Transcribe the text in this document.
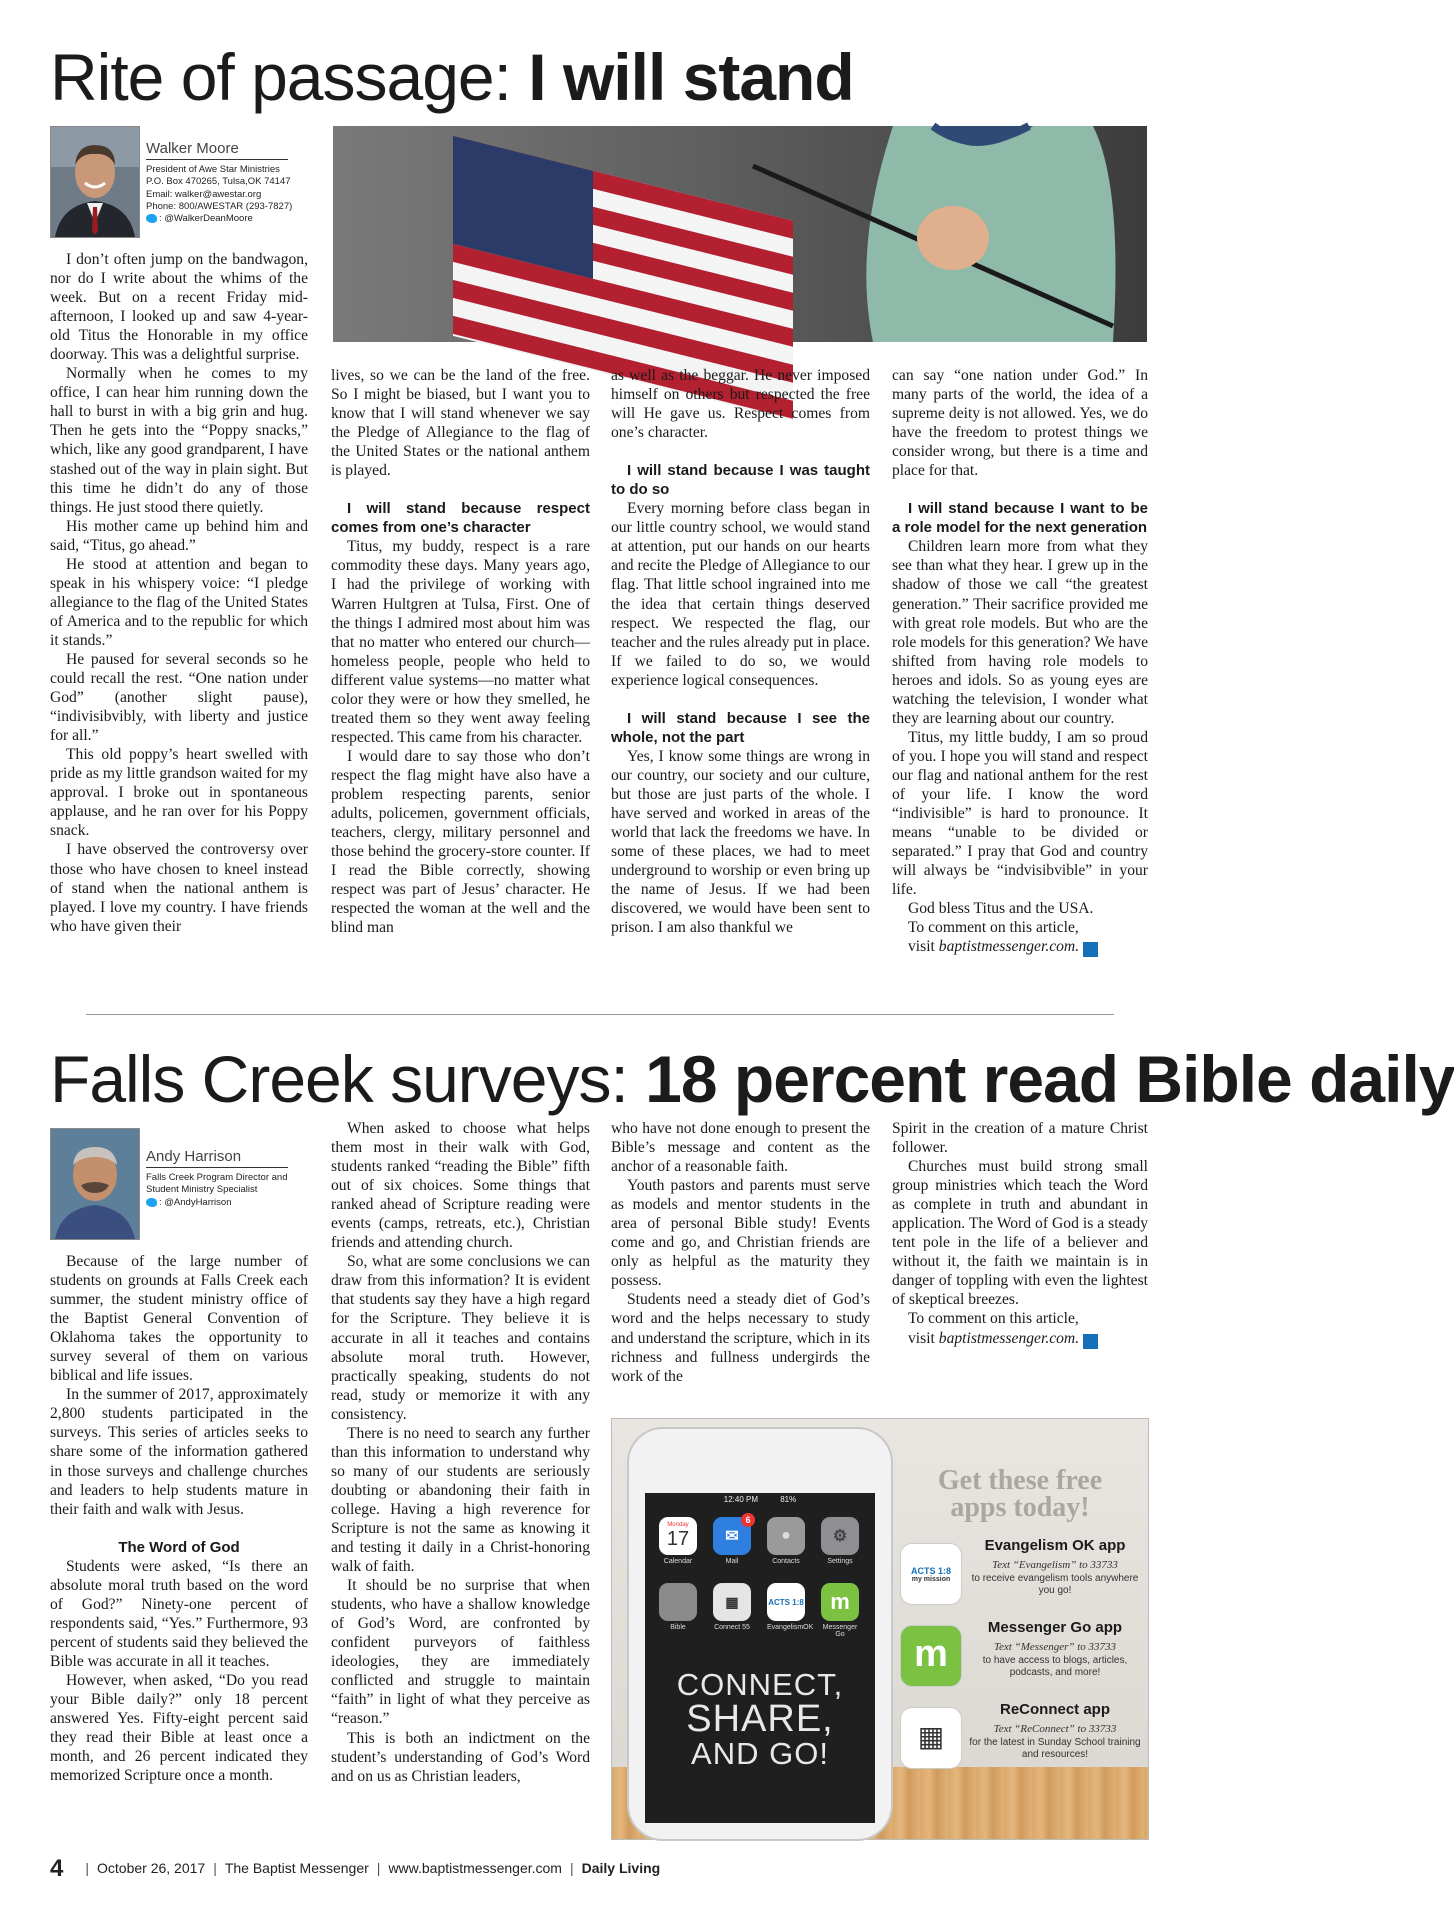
Rite of passage: I will stand
Walker Moore
President of Awe Star Ministries
P.O. Box 470265, Tulsa,OK 74147
Email: walker@awestar.org
Phone: 800/AWESTAR (293-7827)
: @WalkerDeanMoore

I don’t often jump on the bandwagon, nor do I write about the whims of the week. But on a recent Friday mid-afternoon, I looked up and saw 4-year-old Titus the Honorable in my office doorway. This was a delightful surprise.

Normally when he comes to my office, I can hear him running down the hall to burst in with a big grin and hug. Then he gets into the “Poppy snacks,” which, like any good grandparent, I have stashed out of the way in plain sight. But this time he didn’t do any of those things. He just stood there quietly.

His mother came up behind him and said, “Titus, go ahead.”

He stood at attention and began to speak in his whispery voice: “I pledge allegiance to the flag of the United States of America and to the republic for which it stands.”

He paused for several seconds so he could recall the rest. “One nation under God” (another slight pause), “indivisibvibly, with liberty and justice for all.”

This old poppy’s heart swelled with pride as my little grandson waited for my approval. I broke out in spontaneous applause, and he ran over for his Poppy snack.

I have observed the controversy over those who have chosen to kneel instead of stand when the national anthem is played. I love my country. I have friends who have given their

lives, so we can be the land of the free. So I might be biased, but I want you to know that I will stand whenever we say the Pledge of Allegiance to the flag of the United States or the national anthem is played.

I will stand because respect comes from one’s character

Titus, my buddy, respect is a rare commodity these days. Many years ago, I had the privilege of working with Warren Hultgren at Tulsa, First. One of the things I admired most about him was that no matter who entered our church—homeless people, people who held to different value systems—no matter what color they were or how they smelled, he treated them so they went away feeling respected. This came from his character.

I would dare to say those who don’t respect the flag might have also have a problem respecting parents, senior adults, policemen, government officials, teachers, clergy, military personnel and those behind the grocery-store counter. If I read the Bible correctly, showing respect was part of Jesus’ character. He respected the woman at the well and the blind man

as well as the beggar. He never imposed himself on others but respected the free will He gave us. Respect comes from one’s character.

I will stand because I was taught to do so

Every morning before class began in our little country school, we would stand at attention, put our hands on our hearts and recite the Pledge of Allegiance to our flag. That little school ingrained into me the idea that certain things deserved respect. We respected the flag, our teacher and the rules already put in place. If we failed to do so, we would experience logical consequences.

I will stand because I see the whole, not the part

Yes, I know some things are wrong in our country, our society and our culture, but those are just parts of the whole. I have served and worked in areas of the world that lack the freedoms we have. In some of these places, we had to meet underground to worship or even bring up the name of Jesus. If we had been discovered, we would have been sent to prison. I am also thankful we

can say “one nation under God.” In many parts of the world, the idea of a supreme deity is not allowed. Yes, we do have the freedom to protest things we consider wrong, but there is a time and place for that.

I will stand because I want to be a role model for the next generation

Children learn more from what they see than what they hear. I grew up in the shadow of those we call “the greatest generation.” Their sacrifice provided me with great role models. But who are the role models for this generation? We have shifted from having role models to heroes and idols. So as young eyes are watching the television, I wonder what they are learning about our country.

Titus, my little buddy, I am so proud of you. I hope you will stand and respect our flag and national anthem for the rest of your life. I know the word “indivisible” is hard to pronounce. It means “unable to be divided or separated.” I pray that God and country will always be “indvisibvible” in your life.

God bless Titus and the USA.

To comment on this article,

visit baptistmessenger.com. m

Falls Creek surveys: 18 percent read Bible daily
Andy Harrison
Falls Creek Program Director and
Student Ministry Specialist
: @AndyHarrison

Because of the large number of students on grounds at Falls Creek each summer, the student ministry office of the Baptist General Convention of Oklahoma takes the opportunity to survey several of them on various biblical and life issues.

In the summer of 2017, approximately 2,800 students participated in the surveys. This series of articles seeks to share some of the information gathered in those surveys and challenge churches and leaders to help students mature in their faith and walk with Jesus.

The Word of God

Students were asked, “Is there an absolute moral truth based on the word of God?” Ninety-one percent of respondents said, “Yes.” Furthermore, 93 percent of students said they believed the Bible was accurate in all it teaches.

However, when asked, “Do you read your Bible daily?” only 18 percent answered Yes. Fifty-eight percent said they read their Bible at least once a month, and 26 percent indicated they memorized Scripture once a month.

When asked to choose what helps them most in their walk with God, students ranked “reading the Bible” fifth out of six choices. Some things that ranked ahead of Scripture reading were events (camps, retreats, etc.), Christian friends and attending church.

So, what are some conclusions we can draw from this information? It is evident that students say they have a high regard for the Scripture. They believe it is accurate in all it teaches and contains absolute moral truth. However, practically speaking, students do not read, study or memorize it with any consistency.

There is no need to search any further than this information to understand why so many of our students are seriously doubting or abandoning their faith in college. Having a high reverence for Scripture is not the same as knowing it and testing it daily in a Christ-honoring walk of faith.

It should be no surprise that when students, who have a shallow knowledge of God’s Word, are confronted by confident purveyors of faithless ideologies, they are immediately conflicted and struggle to maintain “faith” in light of what they perceive as “reason.”

This is both an indictment on the student’s understanding of God’s Word and on us as Christian leaders,

who have not done enough to present the Bible’s message and content as the anchor of a reasonable faith.

Youth pastors and parents must serve as models and mentor students in the area of personal Bible study! Events come and go, and Christian friends are only as helpful as the maturity they possess.

Students need a steady diet of God’s word and the helps necessary to study and understand the scripture, which in its richness and fullness undergirds the work of the

Spirit in the creation of a mature Christ follower.

Churches must build strong small group ministries which teach the Word as complete in truth and abundant in application. The Word of God is a steady tent pole in the life of a believer and without it, the faith we maintain is in danger of toppling with even the lightest of skeptical breezes.

To comment on this article,

visit baptistmessenger.com. m

12:40 PM	81%
Monday
17
Calendar
✉
6
Mail
●
Contacts
⚙
Settings
Bible
▦
Connect 55
ACTS 1:8
EvangelismOK
m
Messenger Go
CONNECT,
SHARE,
AND GO!
Get these free
apps today!
ACTS 1:8
my mission
Evangelism OK app
Text “Evangelism” to 33733
to receive evangelism tools anywhere you go!
m
Messenger Go app
Text “Messenger” to 33733
to have access to blogs, articles, podcasts, and more!
▦
ReConnect app
Text “ReConnect” to 33733
for the latest in Sunday School training and resources!
4 | October 26, 2017 | The Baptist Messenger | www.baptistmessenger.com | Daily Living
